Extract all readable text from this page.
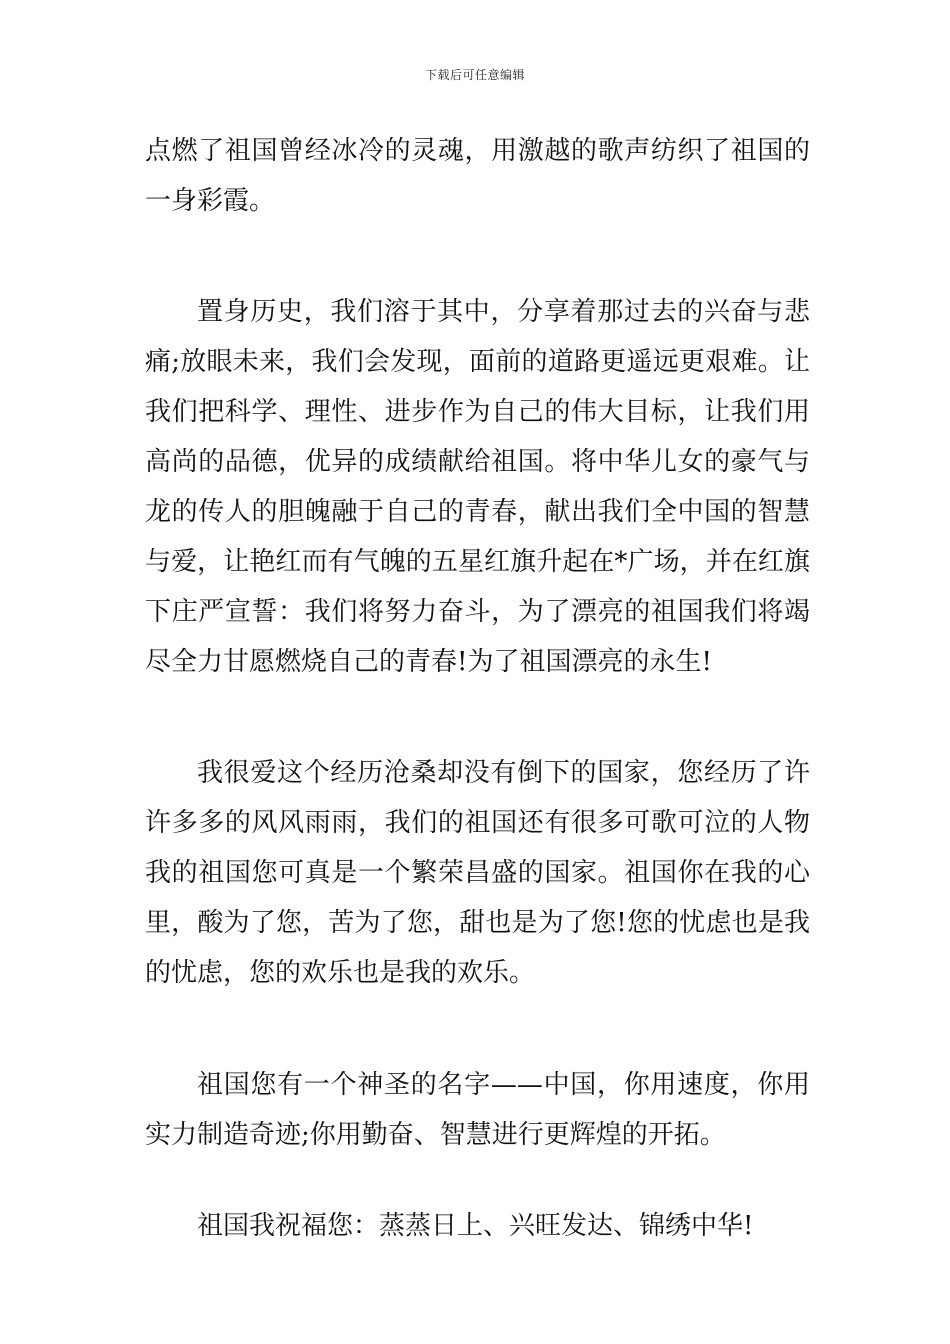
下载后可任意编辑

点燃了祖国曾经冰冷的灵魂，用激越的歌声纺织了祖国的一身彩霞。

置身历史，我们溶于其中，分享着那过去的兴奋与悲痛;放眼未来，我们会发现，面前的道路更遥远更艰难。让我们把科学、理性、进步作为自己的伟大目标，让我们用高尚的品德，优异的成绩献给祖国。将中华儿女的豪气与龙的传人的胆魄融于自己的青春，献出我们全中国的智慧与爱，让艳红而有气魄的五星红旗升起在*广场，并在红旗下庄严宣誓：我们将努力奋斗，为了漂亮的祖国我们将竭尽全力甘愿燃烧自己的青春!为了祖国漂亮的永生!

我很爱这个经历沧桑却没有倒下的国家，您经历了许许多多的风风雨雨，我们的祖国还有很多可歌可泣的人物我的祖国您可真是一个繁荣昌盛的国家。祖国你在我的心里，酸为了您，苦为了您，甜也是为了您!您的忧虑也是我的忧虑，您的欢乐也是我的欢乐。

祖国您有一个神圣的名字——中国，你用速度，你用实力制造奇迹;你用勤奋、智慧进行更辉煌的开拓。

祖国我祝福您：蒸蒸日上、兴旺发达、锦绣中华!
